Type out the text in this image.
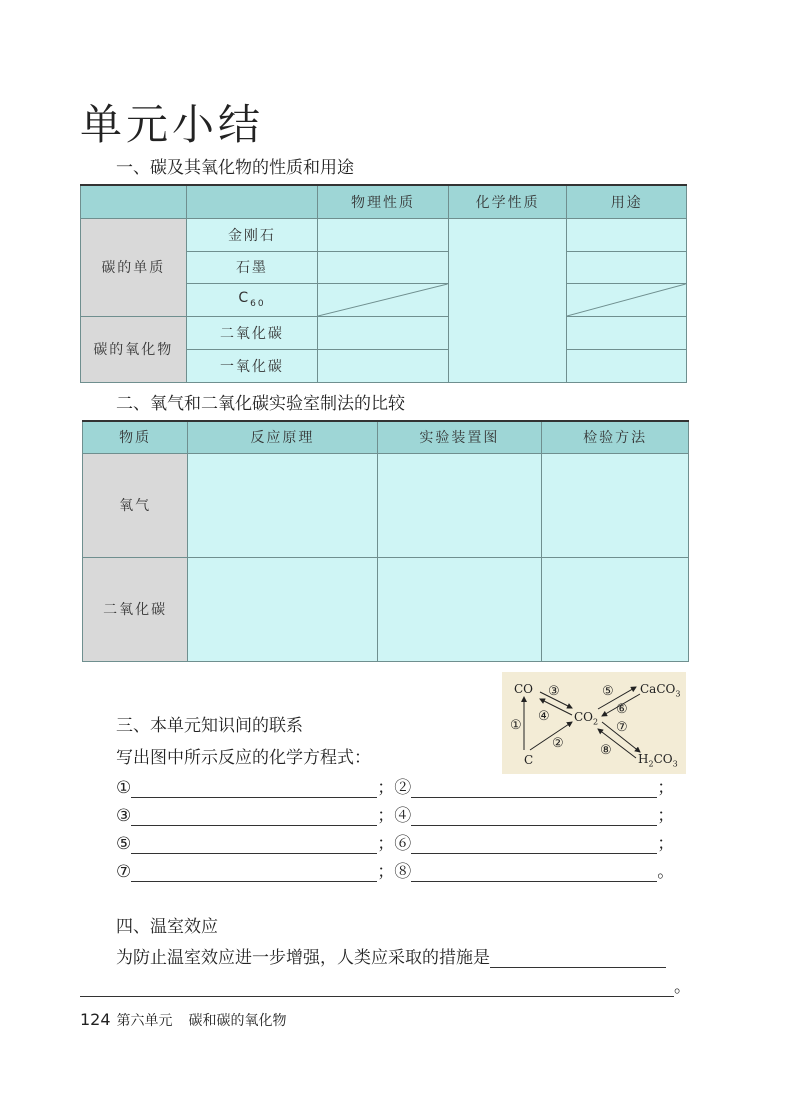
单元小结
一、碳及其氧化物的性质和用途
		物理性质	化学性质	用途
碳的单质	金刚石			
	石墨			
	$C_{60}$	

碳的氧化物	二氧化碳			
	一氧化碳			
二、氧气和二氧化碳实验室制法的比较
物质	反应原理	实验装置图	检验方法
氧气			
二氧化碳			
三、本单元知识间的联系
写出图中所示反应的化学方程式：
CO
$CO_2$
C
CaCO$_3$
$H_2CO_3$
③
④
①
②
⑤
⑥
⑦
⑧
①	；②	；
③	；④	；
⑤	；⑥	；
⑦	；⑧	。
四、温室效应
为防止温室效应进一步增强，人类应采取的措施是
。
124 第六单元 碳和碳的氧化物
